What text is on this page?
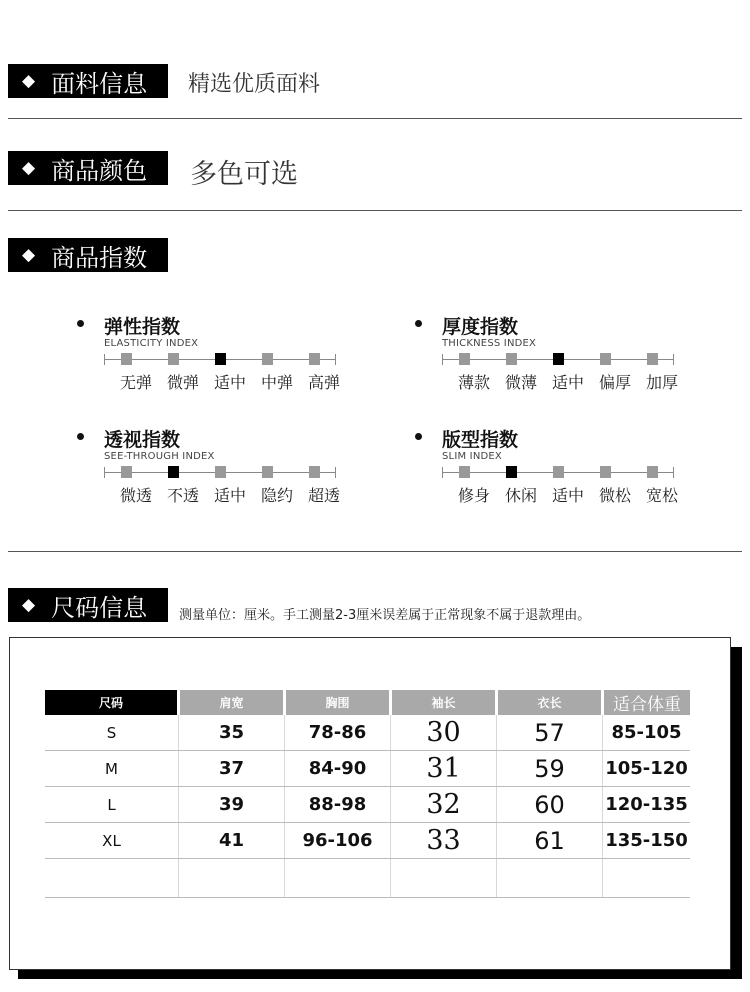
◆ 面料信息 精选优质面料
◆ 商品颜色 多色可选
◆ 商品指数
弹性指数
ELASTICITY INDEX
无弹 微弹 适中 中弹 高弹
厚度指数
THICKNESS INDEX
薄款 微薄 适中 偏厚 加厚
透视指数
SEE-THROUGH INDEX
微透 不透 适中 隐约 超透
版型指数
SLIM INDEX
修身 休闲 适中 微松 宽松
◆ 尺码信息 测量单位：厘米。手工测量2-3厘米误差属于正常现象不属于退款理由。
尺码	肩宽	胸围	袖长	衣长	适合体重
S	35	78-86	30	57	85-105
M	37	84-90	31	59	105-120
L	39	88-98	32	60	120-135
XL	41	96-106	33	61	135-150
